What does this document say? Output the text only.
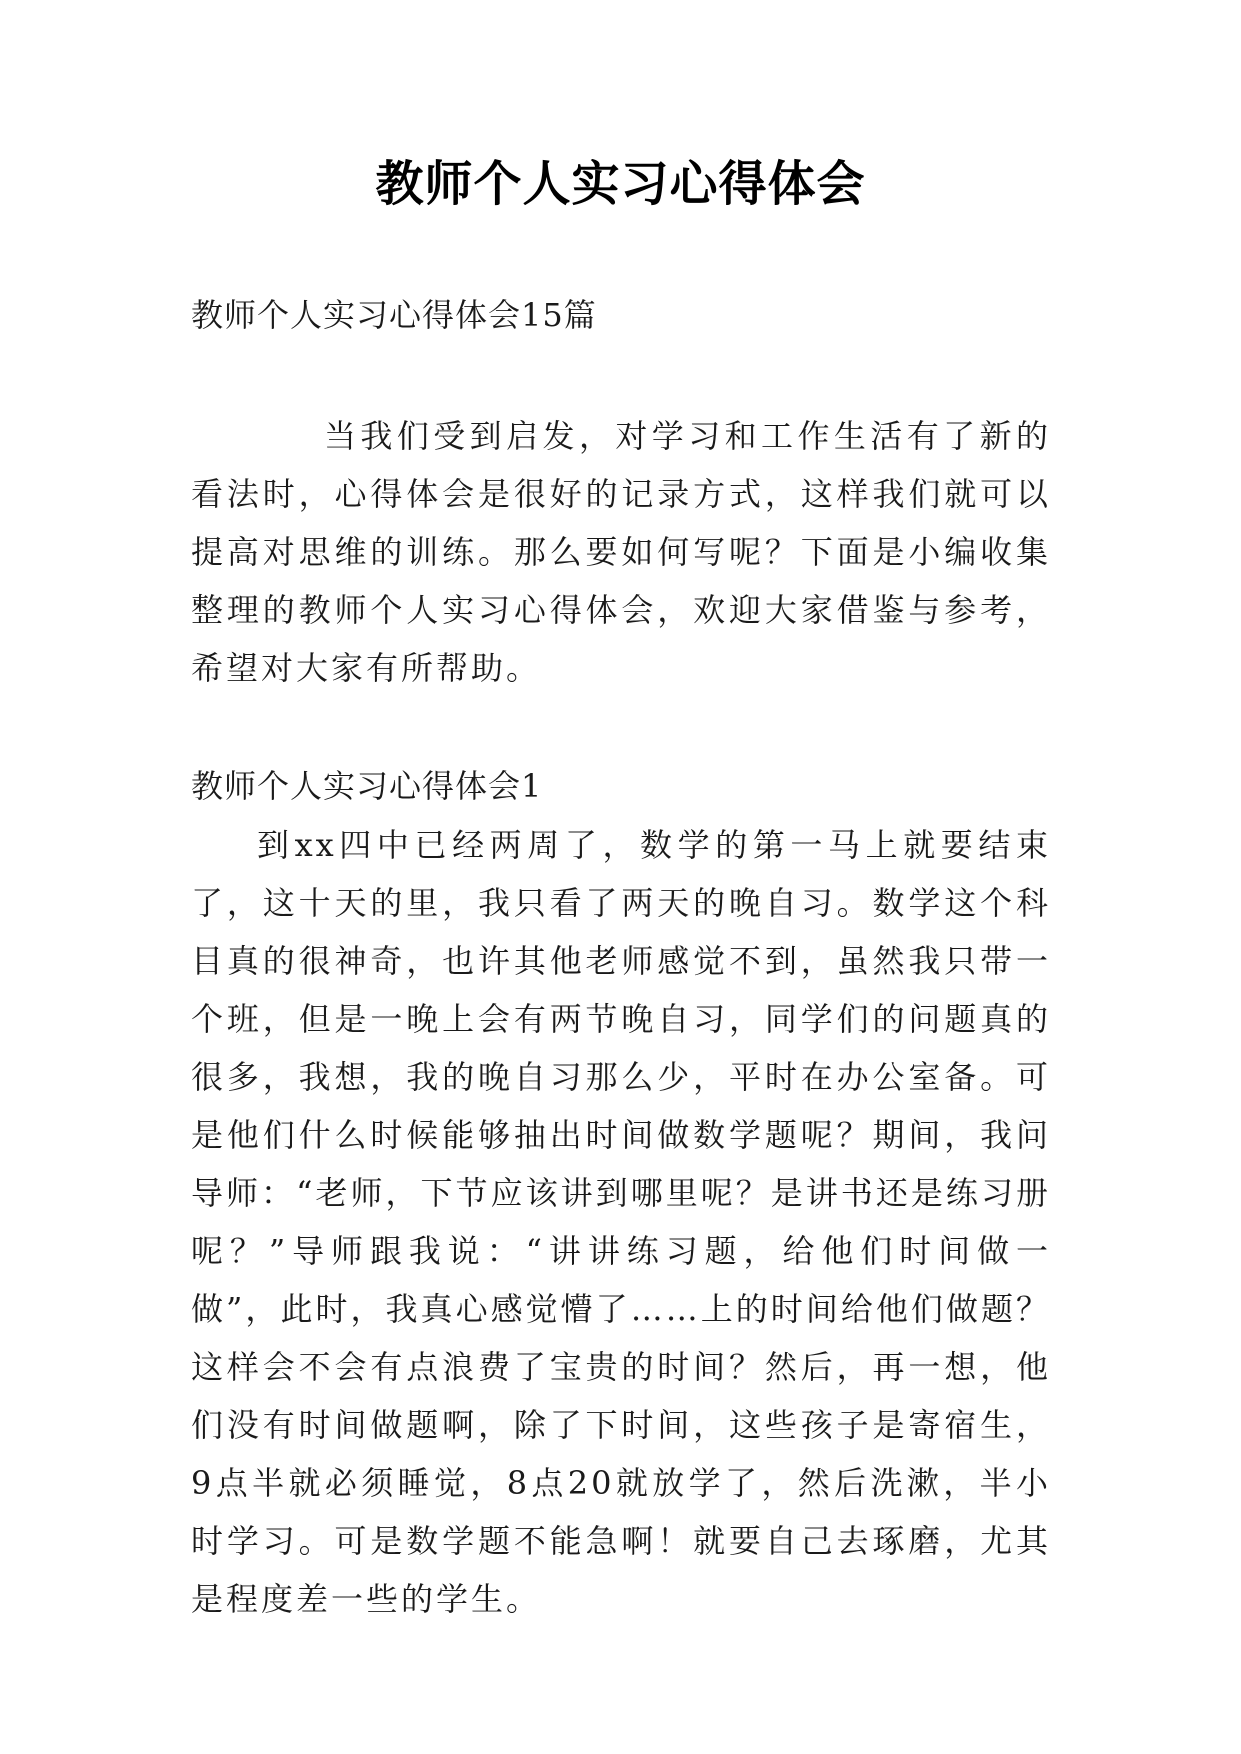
教师个人实习心得体会
教师个人实习心得体会15篇
当我们受到启发，对学习和工作生活有了新的看法时，心得体会是很好的记录方式，这样我们就可以提高对思维的训练。那么要如何写呢？下面是小编收集整理的教师个人实习心得体会，欢迎大家借鉴与参考，希望对大家有所帮助。
教师个人实习心得体会1
到xx四中已经两周了，数学的第一马上就要结束了，这十天的里，我只看了两天的晚自习。数学这个科目真的很神奇，也许其他老师感觉不到，虽然我只带一个班，但是一晚上会有两节晚自习，同学们的问题真的很多，我想，我的晚自习那么少，平时在办公室备。可是他们什么时候能够抽出时间做数学题呢？期间，我问导师：“老师，下节应该讲到哪里呢？是讲书还是练习册呢？”导师跟我说：“讲讲练习题，给他们时间做一做”，此时，我真心感觉懵了……上的时间给他们做题？这样会不会有点浪费了宝贵的时间？然后，再一想，他们没有时间做题啊，除了下时间，这些孩子是寄宿生，9点半就必须睡觉，8点20就放学了，然后洗漱，半小时学习。可是数学题不能急啊！就要自己去琢磨，尤其是程度差一些的学生。
